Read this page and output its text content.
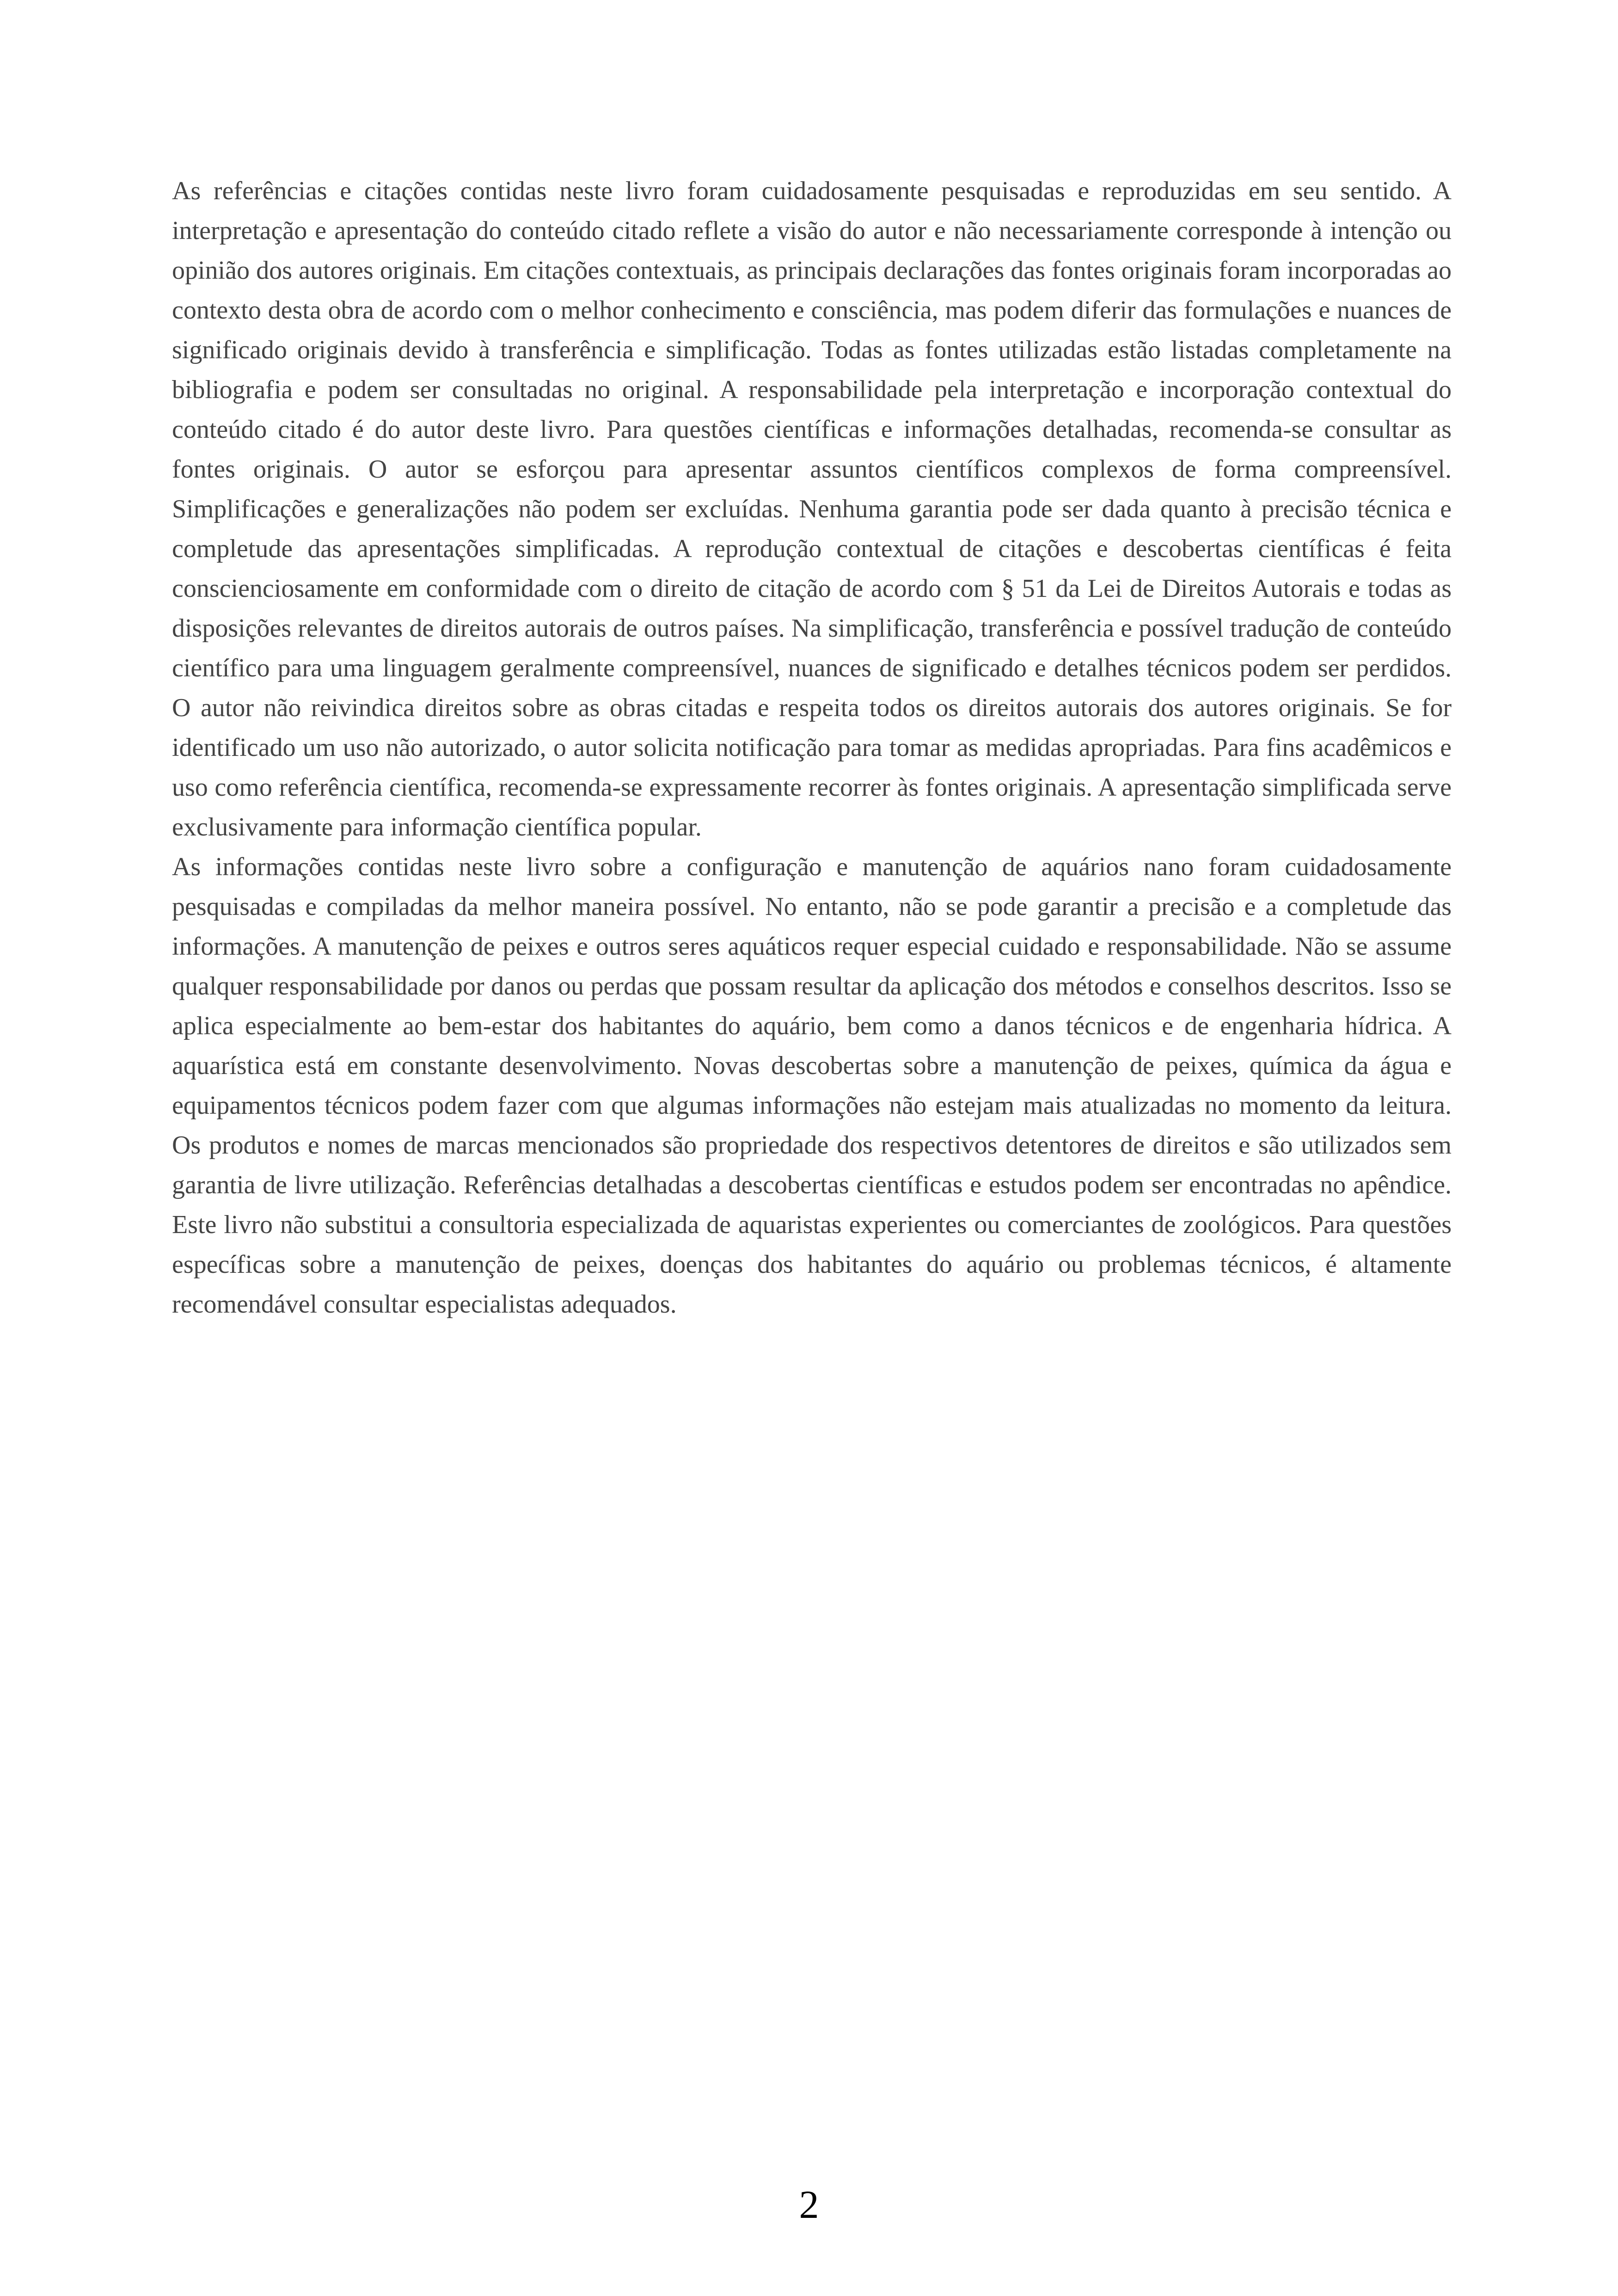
As referências e citações contidas neste livro foram cuidadosamente pesquisadas e reproduzidas em seu sentido. A interpretação e apresentação do conteúdo citado reflete a visão do autor e não necessariamente corresponde à intenção ou opinião dos autores originais. Em citações contextuais, as principais declarações das fontes originais foram incorporadas ao contexto desta obra de acordo com o melhor conhecimento e consciência, mas podem diferir das formulações e nuances de significado originais devido à transferência e simplificação. Todas as fontes utilizadas estão listadas completamente na bibliografia e podem ser consultadas no original. A responsabilidade pela interpretação e incorporação contextual do conteúdo citado é do autor deste livro. Para questões científicas e informações detalhadas, recomenda-se consultar as fontes originais. O autor se esforçou para apresentar assuntos científicos complexos de forma compreensível. Simplificações e generalizações não podem ser excluídas. Nenhuma garantia pode ser dada quanto à precisão técnica e completude das apresentações simplificadas. A reprodução contextual de citações e descobertas científicas é feita conscienciosamente em conformidade com o direito de citação de acordo com § 51 da Lei de Direitos Autorais e todas as disposições relevantes de direitos autorais de outros países. Na simplificação, transferência e possível tradução de conteúdo científico para uma linguagem geralmente compreensível, nuances de significado e detalhes técnicos podem ser perdidos. O autor não reivindica direitos sobre as obras citadas e respeita todos os direitos autorais dos autores originais. Se for identificado um uso não autorizado, o autor solicita notificação para tomar as medidas apropriadas. Para fins acadêmicos e uso como referência científica, recomenda-se expressamente recorrer às fontes originais. A apresentação simplificada serve exclusivamente para informação científica popular.

As informações contidas neste livro sobre a configuração e manutenção de aquários nano foram cuidadosamente pesquisadas e compiladas da melhor maneira possível. No entanto, não se pode garantir a precisão e a completude das informações. A manutenção de peixes e outros seres aquáticos requer especial cuidado e responsabilidade. Não se assume qualquer responsabilidade por danos ou perdas que possam resultar da aplicação dos métodos e conselhos descritos. Isso se aplica especialmente ao bem-estar dos habitantes do aquário, bem como a danos técnicos e de engenharia hídrica. A aquarística está em constante desenvolvimento. Novas descobertas sobre a manutenção de peixes, química da água e equipamentos técnicos podem fazer com que algumas informações não estejam mais atualizadas no momento da leitura. Os produtos e nomes de marcas mencionados são propriedade dos respectivos detentores de direitos e são utilizados sem garantia de livre utilização. Referências detalhadas a descobertas científicas e estudos podem ser encontradas no apêndice. Este livro não substitui a consultoria especializada de aquaristas experientes ou comerciantes de zoológicos. Para questões específicas sobre a manutenção de peixes, doenças dos habitantes do aquário ou problemas técnicos, é altamente recomendável consultar especialistas adequados.

2
